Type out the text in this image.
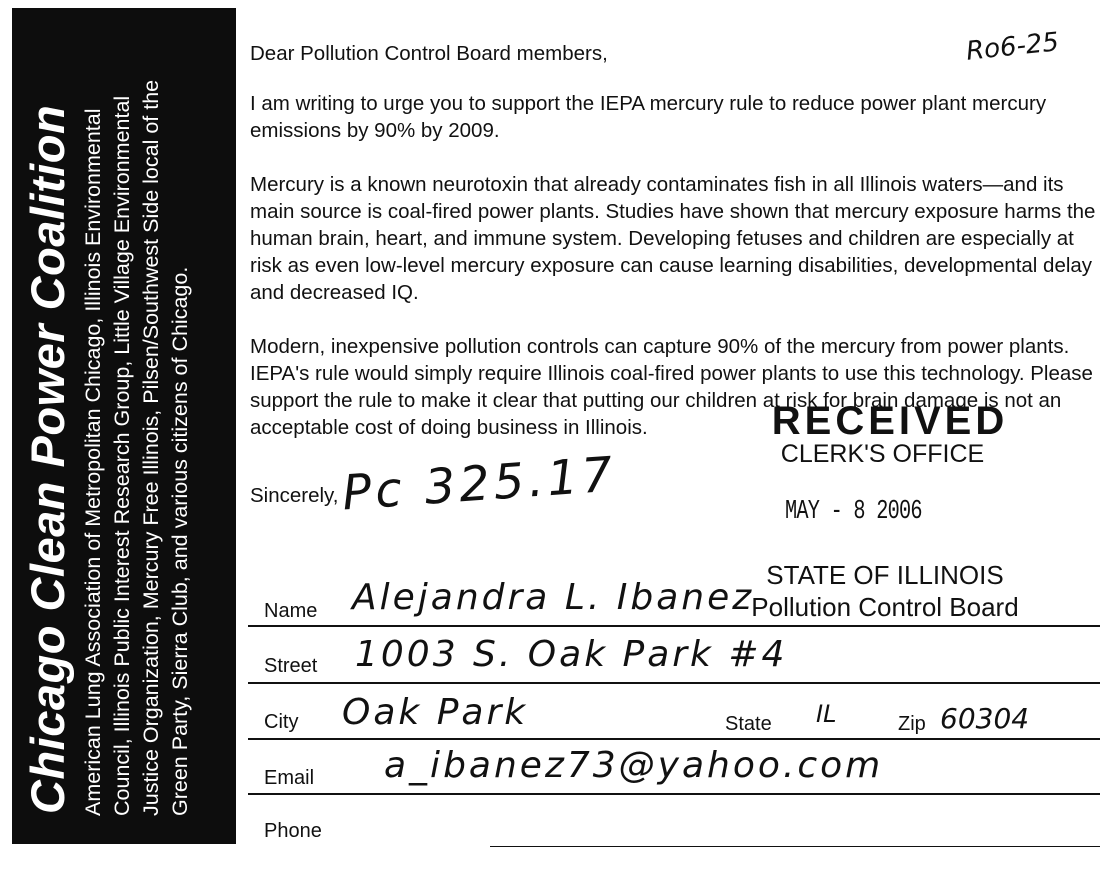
Chicago Clean Power Coalition American Lung Association of Metropolitan Chicago, Illinois Environmental Council, Illinois Public Interest Research Group, Little Village Environmental Justice Organization, Mercury Free Illinois, Pilsen/Southwest Side local of the Green Party, Sierra Club, and various citizens of Chicago.

Ro6-25

Dear Pollution Control Board members,

I am writing to urge you to support the IEPA mercury rule to reduce power plant mercury emissions by 90% by 2009.

Mercury is a known neurotoxin that already contaminates fish in all Illinois waters—and its main source is coal-fired power plants. Studies have shown that mercury exposure harms the human brain, heart, and immune system. Developing fetuses and children are especially at risk as even low-level mercury exposure can cause learning disabilities, developmental delay and decreased IQ.

Modern, inexpensive pollution controls can capture 90% of the mercury from power plants. IEPA's rule would simply require Illinois coal-fired power plants to use this technology. Please support the rule to make it clear that putting our children at risk for brain damage is not an acceptable cost of doing business in Illinois.	RECEIVED
CLERK'S OFFICE
MAY - 8 2006
STATE OF ILLINOIS
Pollution Control Board
Sincerely, Pc 325.17
Name Alejandra L. Ibanez
Street 1003 S. Oak Park #4
City Oak Park	State IL	Zip 60304
Email a_ibanez73@yahoo.com
Phone
